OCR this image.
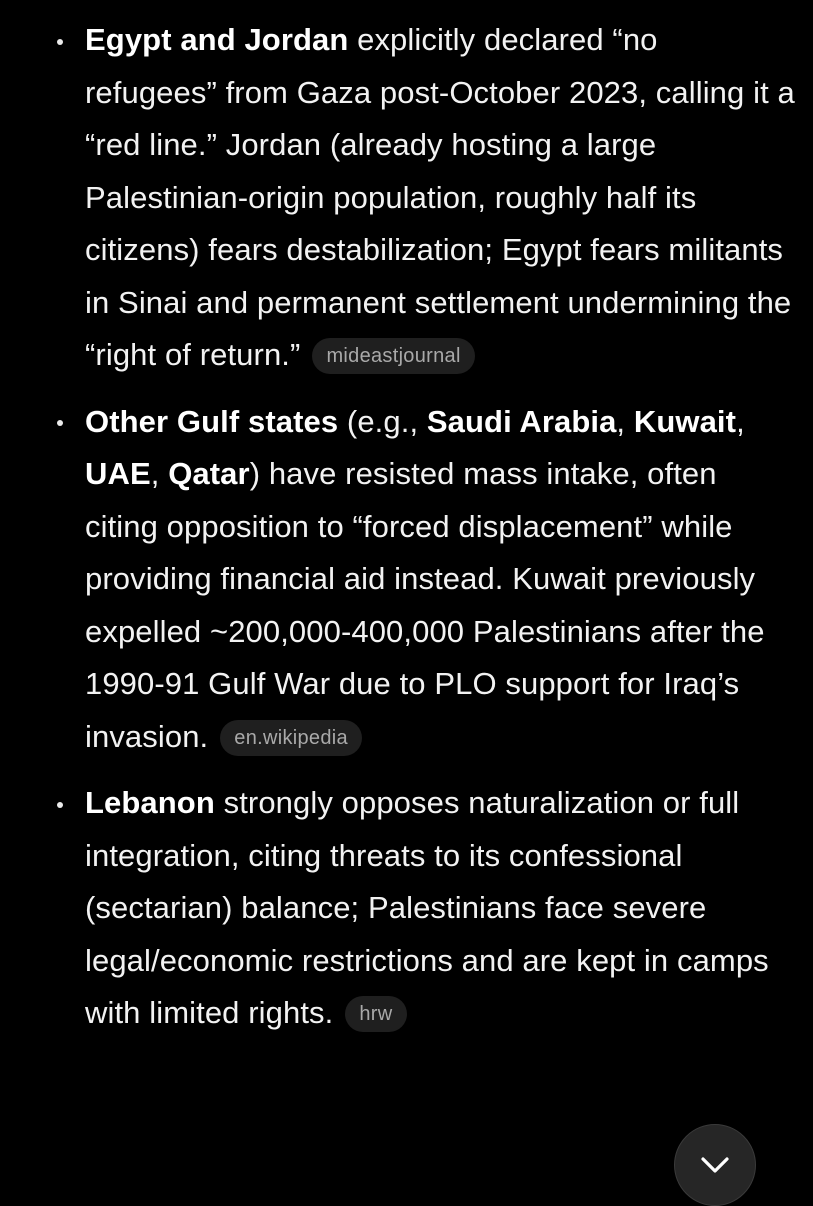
Egypt and Jordan explicitly declared “no refugees” from Gaza post-October 2023, calling it a “red line.” Jordan (already hosting a large Palestinian-origin population, roughly half its citizens) fears destabilization; Egypt fears militants in Sinai and permanent settlement undermining the “right of return.” mideastjournal
Other Gulf states (e.g., Saudi Arabia, Kuwait, UAE, Qatar) have resisted mass intake, often citing opposition to “forced displacement” while providing financial aid instead. Kuwait previously expelled ~200,000-400,000 Palestinians after the 1990-91 Gulf War due to PLO support for Iraq’s invasion. en.wikipedia
Lebanon strongly opposes naturalization or full integration, citing threats to its confessional (sectarian) balance; Palestinians face severe legal/economic restrictions and are kept in camps with limited rights. hrw
